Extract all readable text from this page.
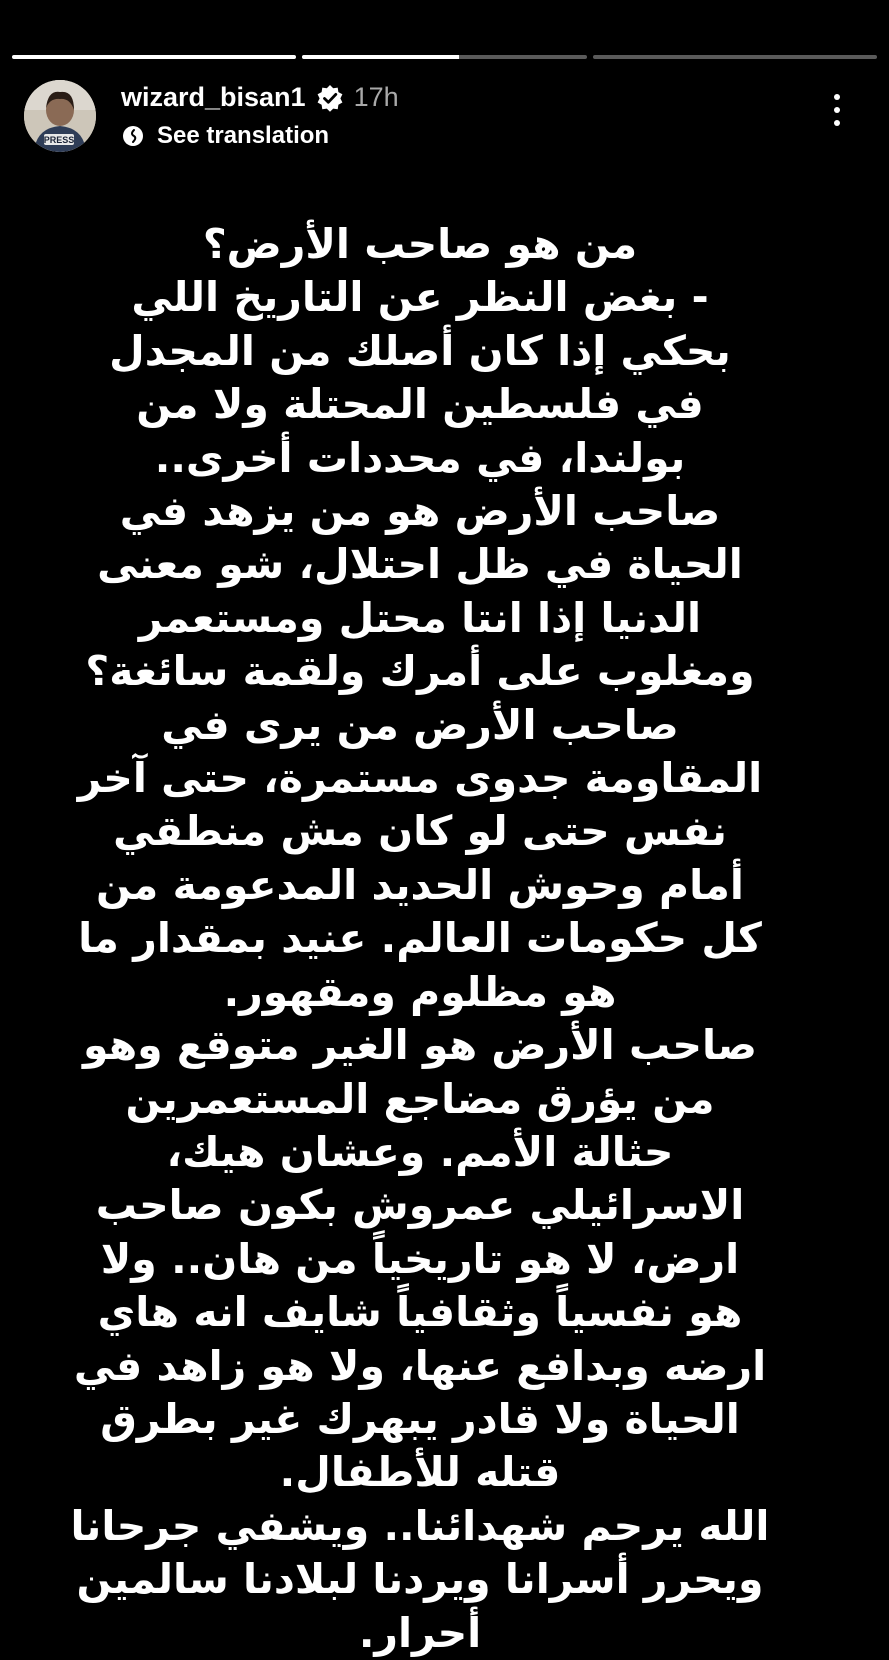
PRESS
wizard_bisan1 17h
See translation
من هو صاحب الأرض؟
- بغض النظر عن التاريخ اللي بحكي إذا كان أصلك من المجدل في فلسطين المحتلة ولا من بولندا، في محددات أخرى..
صاحب الأرض هو من يزهد في الحياة في ظل احتلال، شو معنى الدنيا إذا انتا محتل ومستعمر ومغلوب على أمرك ولقمة سائغة؟ صاحب الأرض من يرى في المقاومة جدوى مستمرة، حتى آخر نفس حتى لو كان مش منطقي أمام وحوش الحديد المدعومة من كل حكومات العالم. عنيد بمقدار ما هو مظلوم ومقهور.
صاحب الأرض هو الغير متوقع وهو من يؤرق مضاجع المستعمرين حثالة الأمم. وعشان هيك، الاسرائيلي عمروش بكون صاحب ارض، لا هو تاريخياً من هان.. ولا هو نفسياً وثقافياً شايف انه هاي ارضه وبدافع عنها، ولا هو زاهد في الحياة ولا قادر يبهرك غير بطرق قتله للأطفال.
الله يرحم شهدائنا.. ويشفي جرحانا ويحرر أسرانا ويردنا لبلادنا سالمين أحرار.
